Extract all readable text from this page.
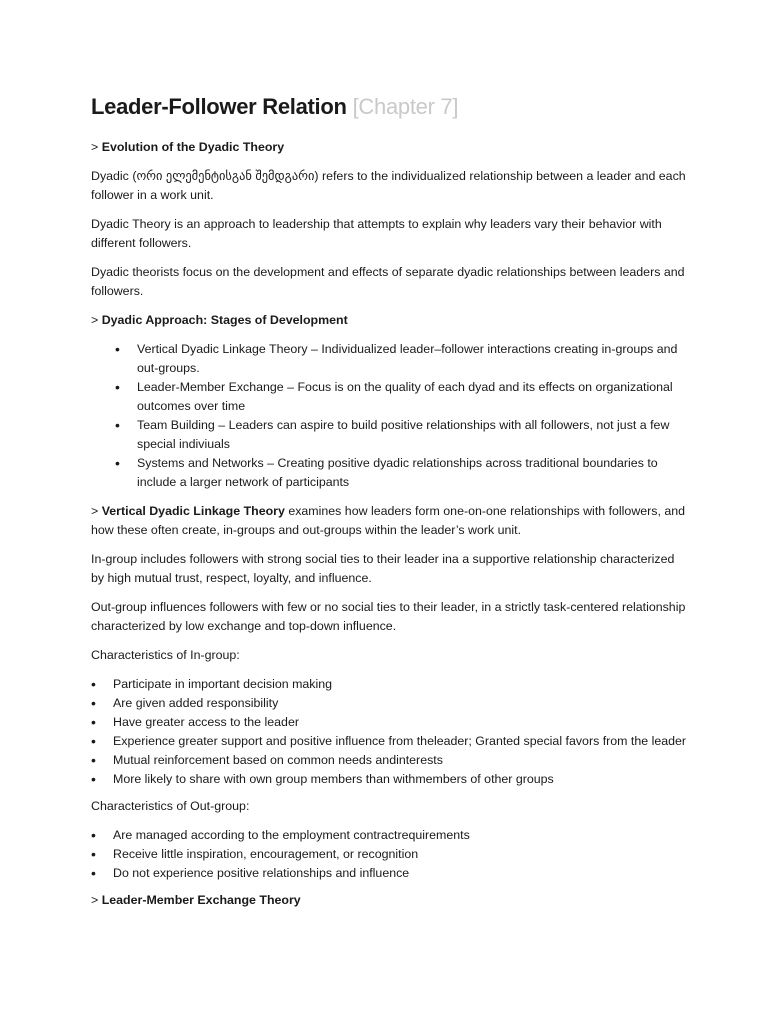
Leader-Follower Relation [Chapter 7]

> Evolution of the Dyadic Theory

Dyadic (ორი ელემენტისგან შემდგარი) refers to the individualized relationship between a leader and each follower in a work unit.

Dyadic Theory is an approach to leadership that attempts to explain why leaders vary their behavior with different followers.

Dyadic theorists focus on the development and effects of separate dyadic relationships between leaders and followers.

> Dyadic Approach: Stages of Development

• Vertical Dyadic Linkage Theory – Individualized leader–follower interactions creating in-groups and out-groups.
• Leader-Member Exchange – Focus is on the quality of each dyad and its effects on organizational outcomes over time
• Team Building – Leaders can aspire to build positive relationships with all followers, not just a few special indiviuals
• Systems and Networks – Creating positive dyadic relationships across traditional boundaries to include a larger network of participants

> Vertical Dyadic Linkage Theory examines how leaders form one-on-one relationships with followers, and how these often create, in-groups and out-groups within the leader’s work unit.

In-group includes followers with strong social ties to their leader ina a supportive relationship characterized by high mutual trust, respect, loyalty, and influence.

Out-group influences followers with few or no social ties to their leader, in a strictly task-centered relationship characterized by low exchange and top-down influence.

Characteristics of In-group:

• Participate in important decision making
• Are given added responsibility
• Have greater access to the leader
• Experience greater support and positive influence from theleader; Granted special favors from the leader
• Mutual reinforcement based on common needs andinterests
• More likely to share with own group members than withmembers of other groups

Characteristics of Out-group:

• Are managed according to the employment contractrequirements
• Receive little inspiration, encouragement, or recognition
• Do not experience positive relationships and influence

> Leader-Member Exchange Theory
